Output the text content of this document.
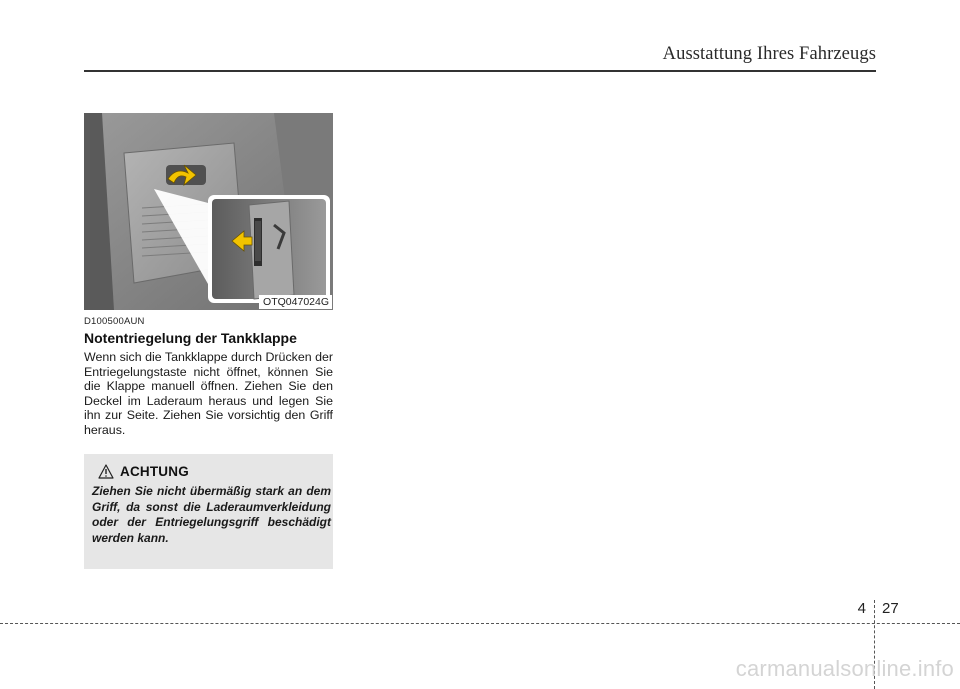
Ausstattung Ihres Fahrzeugs
OTQ047024G
D100500AUN
Notentriegelung der Tankklappe

Wenn sich die Tankklappe durch Drücken der Entriegelungstaste nicht öffnet, können Sie die Klappe manuell öffnen. Ziehen Sie den Deckel im Laderaum heraus und legen Sie ihn zur Seite. Ziehen Sie vorsichtig den Griff heraus.

ACHTUNG

Ziehen Sie nicht übermäßig stark an dem Griff, da sonst die Laderaumverkleidung oder der Entriegelungsgriff beschädigt werden kann.

4 27
carmanualsonline.info
